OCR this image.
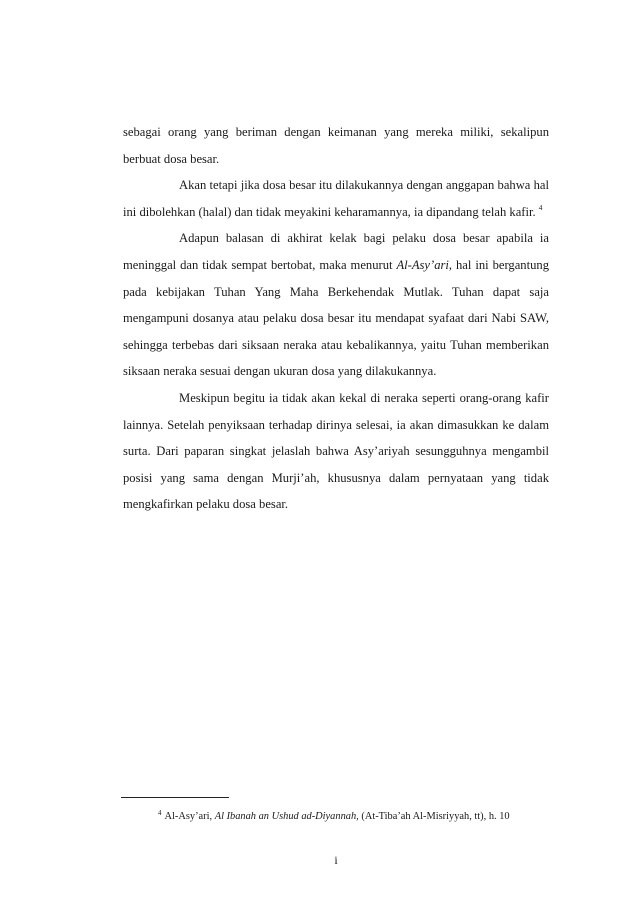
sebagai orang yang beriman dengan keimanan yang mereka miliki, sekalipun berbuat dosa besar.

Akan tetapi jika dosa besar itu dilakukannya dengan anggapan bahwa hal ini dibolehkan (halal) dan tidak meyakini keharamannya, ia dipandang telah kafir. $^4$

Adapun balasan di akhirat kelak bagi pelaku dosa besar apabila ia meninggal dan tidak sempat bertobat, maka menurut Al-Asy’ari, hal ini bergantung pada kebijakan Tuhan Yang Maha Berkehendak Mutlak. Tuhan dapat saja mengampuni dosanya atau pelaku dosa besar itu mendapat syafaat dari Nabi SAW, sehingga terbebas dari siksaan neraka atau kebalikannya, yaitu Tuhan memberikan siksaan neraka sesuai dengan ukuran dosa yang dilakukannya.

Meskipun begitu ia tidak akan kekal di neraka seperti orang-orang kafir lainnya. Setelah penyiksaan terhadap dirinya selesai, ia akan dimasukkan ke dalam surta. Dari paparan singkat jelaslah bahwa Asy’ariyah sesungguhnya mengambil posisi yang sama dengan Murji’ah, khususnya dalam pernyataan yang tidak mengkafirkan pelaku dosa besar.

$^4$ Al-Asy’ari, Al Ibanah an Ushud ad-Diyannah, (At-Tiba’ah Al-Misriyyah, tt), h. 10
i
